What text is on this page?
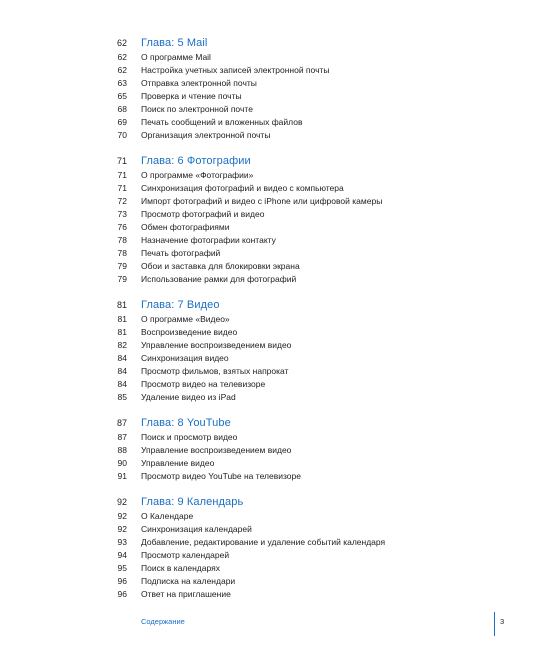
62 Глава: 5 Mail
62 О программе Mail
62 Настройка учетных записей электронной почты
63 Отправка электронной почты
65 Проверка и чтение почты
68 Поиск по электронной почте
69 Печать сообщений и вложенных файлов
70 Организация электронной почты
71 Глава: 6 Фотографии
71 О программе «Фотографии»
71 Синхронизация фотографий и видео с компьютера
72 Импорт фотографий и видео с iPhone или цифровой камеры
73 Просмотр фотографий и видео
76 Обмен фотографиями
78 Назначение фотографии контакту
78 Печать фотографий
79 Обои и заставка для блокировки экрана
79 Использование рамки для фотографий
81 Глава: 7 Видео
81 О программе «Видео»
81 Воспроизведение видео
82 Управление воспроизведением видео
84 Синхронизация видео
84 Просмотр фильмов, взятых напрокат
84 Просмотр видео на телевизоре
85 Удаление видео из iPad
87 Глава: 8 YouTube
87 Поиск и просмотр видео
88 Управление воспроизведением видео
90 Управление видео
91 Просмотр видео YouTube на телевизоре
92 Глава: 9 Календарь
92 О Календаре
92 Синхронизация календарей
93 Добавление, редактирование и удаление событий календаря
94 Просмотр календарей
95 Поиск в календарях
96 Подписка на календари
96 Ответ на приглашение
Содержание	3
